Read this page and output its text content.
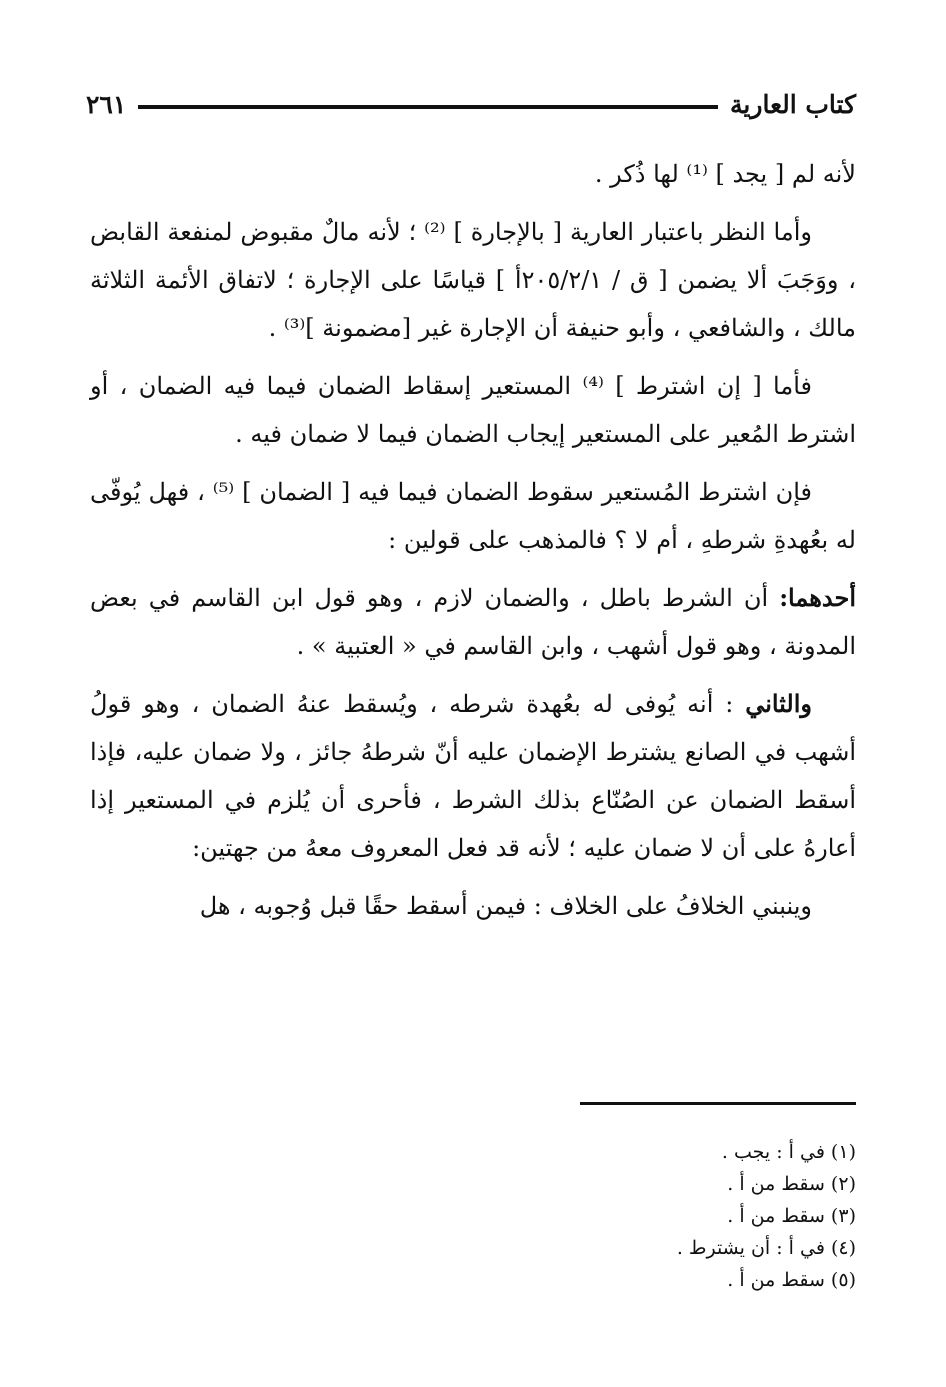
كتاب العارية
٢٦١

لأنه لم [ يجد ] ⁽¹⁾ لها ذُكر .

وأما النظر باعتبار العارية [ بالإجارة ] ⁽²⁾ ؛ لأنه مالٌ مقبوض لمنفعة القابض ، ووَجَبَ ألا يضمن [ ق / ٢٠٥/٢/١أ ] قياسًا على الإجارة ؛ لاتفاق الأئمة الثلاثة مالك ، والشافعي ، وأبو حنيفة أن الإجارة غير [مضمونة ]⁽³⁾ .

فأما [ إن اشترط ] ⁽⁴⁾ المستعير إسقاط الضمان فيما فيه الضمان ، أو اشترط المُعير على المستعير إيجاب الضمان فيما لا ضمان فيه .

فإن اشترط المُستعير سقوط الضمان فيما فيه [ الضمان ] ⁽⁵⁾ ، فهل يُوفّى له بعُهدةِ شرطهِ ، أم لا ؟ فالمذهب على قولين :

أحدهما: أن الشرط باطل ، والضمان لازم ، وهو قول ابن القاسم في بعض المدونة ، وهو قول أشهب ، وابن القاسم في « العتبية » .

والثاني : أنه يُوفى له بعُهدة شرطه ، ويُسقط عنهُ الضمان ، وهو قولُ أشهب في الصانع يشترط الإضمان عليه أنّ شرطهُ جائز ، ولا ضمان عليه، فإذا أسقط الضمان عن الصُنّاع بذلك الشرط ، فأحرى أن يُلزم في المستعير إذا أعارهُ على أن لا ضمان عليه ؛ لأنه قد فعل المعروف معهُ من جهتين:

وينبني الخلافُ على الخلاف : فيمن أسقط حقًا قبل وُجوبه ، هل

(١) في أ : يجب .
(٢) سقط من أ .
(٣) سقط من أ .
(٤) في أ : أن يشترط .
(٥) سقط من أ .
